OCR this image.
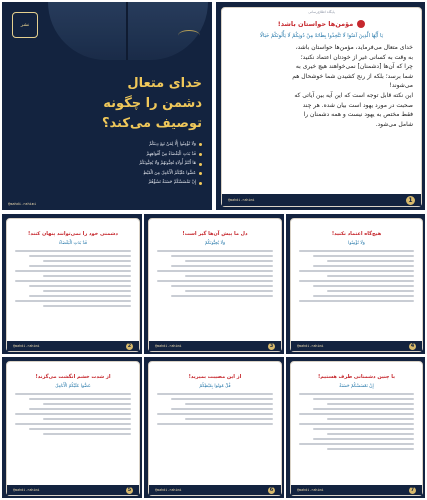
نشر
خدای متعال
دشمن را چگونه
توصیف می‌کند؟
وَلَا تُؤْمِنُوا إِلَّا لِمَنْ تَبِعَ دِینَكُمْ
قَدْ بَدَتِ الْبَغْضَاءُ مِنْ أَفْوَاهِهِمْ
هَا أَنْتُمْ أُولَاءِ تُحِبُّونَهُمْ وَلَا یُحِبُّونَكُمْ
عَضُّوا عَلَیْكُمُ الْأَنَامِلَ مِنَ الْغَیْظِ
إِنْ تَمْسَسْكُمْ حَسَنَةٌ تَسُؤْهُمْ
@mahdi.rahimi
پایگاه اطلاع‌رسانی
مؤمن‌ها حواستان باشد!
یَا أَیُّهَا الَّذِینَ آمَنُوا لَا تَتَّخِذُوا بِطَانَةً مِنْ دُونِكُمْ لَا یَأْلُونَكُمْ خَبَالًا
خدای متعال می‌فرماید، مؤمن‌ها حواستان باشد،
به وقت به کسانی غیر از خودتان اعتماد نکنید؛
چرا که آن‌ها [دشمنان] نمی‌خواهند هیچ خیری به
شما برسد؛ بلکه از رنج کشیدن شما خوشحال هم
می‌شوند!
این نکته قابل توجه است که این آیه بین آیاتی که
صحبت در مورد یهود است بیان شده. هر چند
فقط مختص به یهود نیست و همه دشمنان را
شامل می‌شود.
@mahdi.rahimi	1
دشمنی خود را نمی‌توانند پنهان کنند!
قَدْ بَدَتِ الْبَغْضَاءُ
@mahdi.rahimi	2
دل ما پیش آن‌ها گیر است!
وَلَا یُحِبُّونَكُمْ
@mahdi.rahimi	3
هیچ‌گاه اعتماد نکنید!
وَلَا تُؤْمِنُوا
@mahdi.rahimi	4
از شدت خشم انگشت می‌گزند!
عَضُّوا عَلَیْكُمُ الْأَنَامِلَ
@mahdi.rahimi	5
از این مصیبت بمیرید!
قُلْ مُوتُوا بِغَیْظِكُمْ
@mahdi.rahimi	6
با چنین دشمنانی طرف هستیم!
إِنْ تَمْسَسْكُمْ حَسَنَةٌ
@mahdi.rahimi	7
